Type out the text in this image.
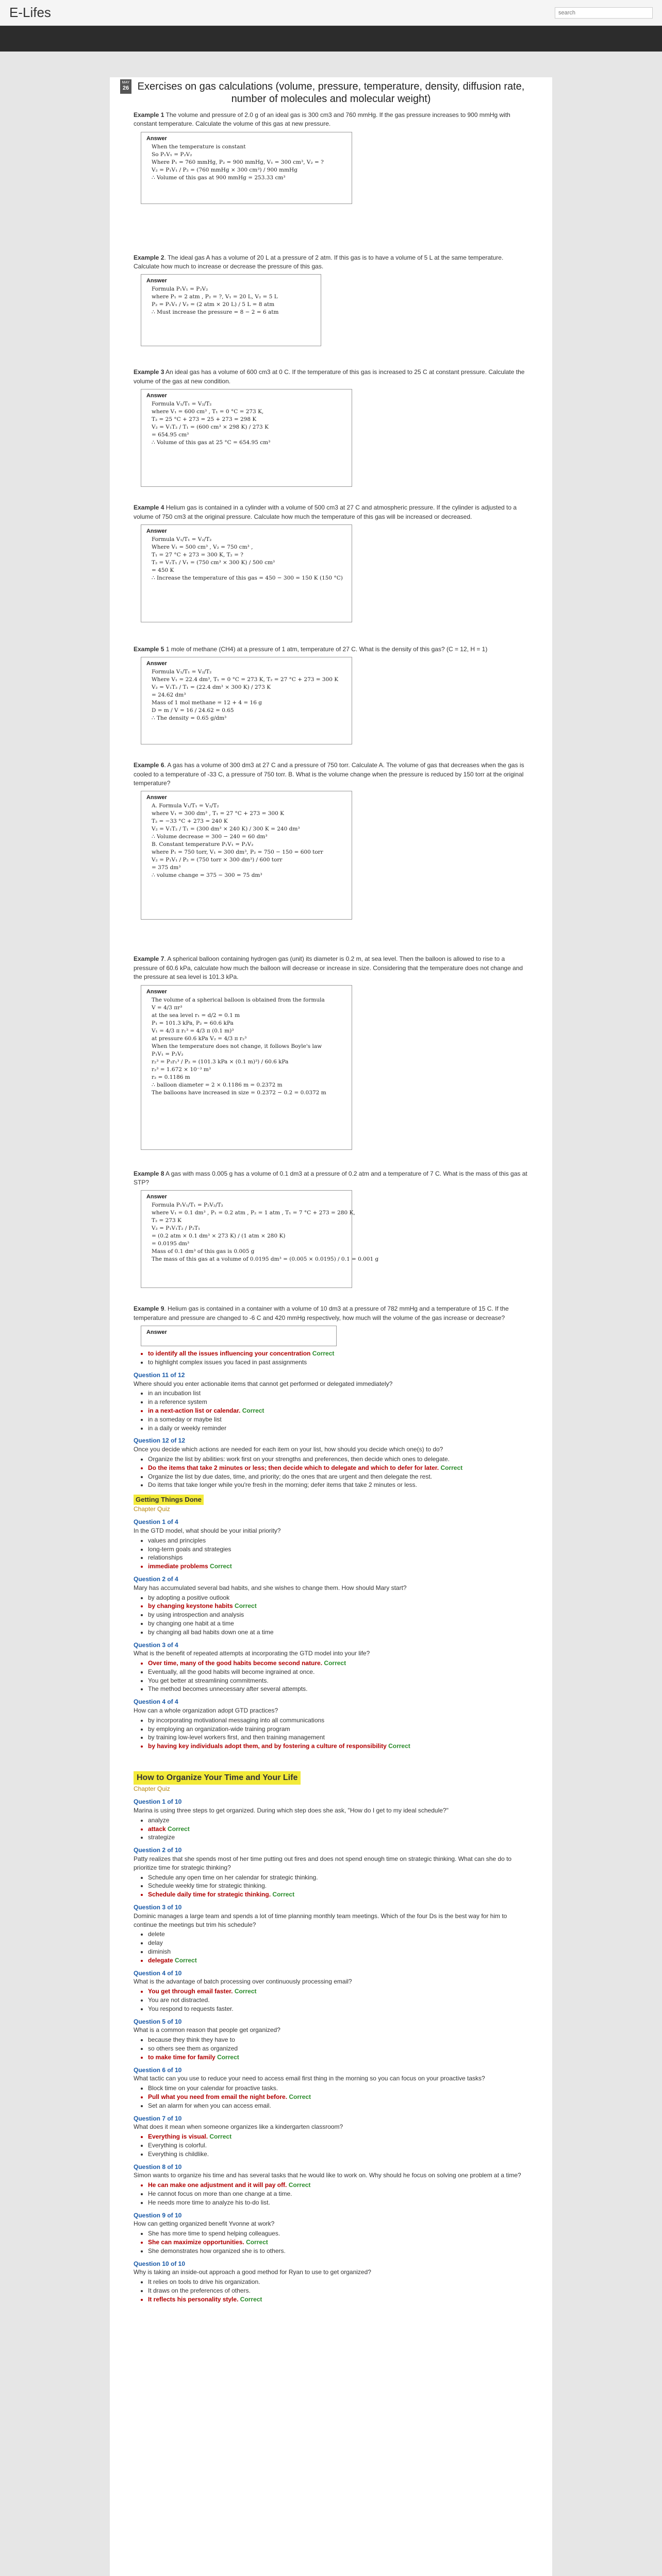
E-Lifes
search
MAY
26 Exercises on gas calculations (volume, pressure, temperature, density, diffusion rate, number of molecules and molecular weight)

Example 1 The volume and pressure of 2.0 g of an ideal gas is 300 cm3 and 760 mmHg. If the gas pressure increases to 900 mmHg with constant temperature. Calculate the volume of this gas at new pressure.

Answer
When the temperature is constant
So P₁V₁ = P₂V₂
Where P₁ = 760 mmHg, P₂ = 900 mmHg, V₁ = 300 cm³, V₂ = ?
V₂ = P₁V₁ / P₂ = (760 mmHg × 300 cm³) / 900 mmHg
∴ Volume of this gas at 900 mmHg = 253.33 cm³

Example 2. The ideal gas A has a volume of 20 L at a pressure of 2 atm. If this gas is to have a volume of 5 L at the same temperature. Calculate how much to increase or decrease the pressure of this gas.

Answer
Formula P₁V₁ = P₂V₂
where P₁ = 2 atm , P₂ = ?, V₁ = 20 L, V₂ = 5 L
P₂ = P₁V₁ / V₂ = (2 atm × 20 L) / 5 L = 8 atm
∴ Must increase the pressure = 8 − 2 = 6 atm

Example 3 An ideal gas has a volume of 600 cm3 at 0 C. If the temperature of this gas is increased to 25 C at constant pressure. Calculate the volume of the gas at new condition.

Answer
Formula V₁/T₁ = V₂/T₂
where V₁ = 600 cm³ , T₁ = 0 °C = 273 K,
T₂ = 25 °C + 273 = 25 + 273 = 298 K
V₂ = V₁T₂ / T₁ = (600 cm³ × 298 K) / 273 K
= 654.95 cm³
∴ Volume of this gas at 25 °C = 654.95 cm³

Example 4 Helium gas is contained in a cylinder with a volume of 500 cm3 at 27 C and atmospheric pressure. If the cylinder is adjusted to a volume of 750 cm3 at the original pressure. Calculate how much the temperature of this gas will be increased or decreased.

Answer
Formula V₁/T₁ = V₂/T₂
Where V₁ = 500 cm³ , V₂ = 750 cm³ ,
T₁ = 27 °C + 273 = 300 K, T₂ = ?
T₂ = V₂T₁ / V₁ = (750 cm³ × 300 K) / 500 cm³
= 450 K
∴ Increase the temperature of this gas = 450 − 300 = 150 K (150 °C)

Example 5 1 mole of methane (CH4) at a pressure of 1 atm, temperature of 27 C. What is the density of this gas? (C = 12, H = 1)

Answer
Formula V₁/T₁ = V₂/T₂
Where V₁ = 22.4 dm³, T₁ = 0 °C = 273 K, T₂ = 27 °C + 273 = 300 K
V₂ = V₁T₂ / T₁ = (22.4 dm³ × 300 K) / 273 K
= 24.62 dm³
Mass of 1 mol methane = 12 + 4 = 16 g
D = m / V = 16 / 24.62 = 0.65
∴ The density = 0.65 g/dm³

Example 6. A gas has a volume of 300 dm3 at 27 C and a pressure of 750 torr. Calculate A. The volume of gas that decreases when the gas is cooled to a temperature of -33 C, a pressure of 750 torr. B. What is the volume change when the pressure is reduced by 150 torr at the original temperature?

Answer
A. Formula V₁/T₁ = V₂/T₂
where V₁ = 300 dm³ , T₁ = 27 °C + 273 = 300 K
T₂ = −33 °C + 273 = 240 K
V₂ = V₁T₂ / T₁ = (300 dm³ × 240 K) / 300 K = 240 dm³
∴ Volume decrease = 300 − 240 = 60 dm³
B. Constant temperature P₁V₁ = P₂V₂
where P₁ = 750 torr, V₁ = 300 dm³, P₂ = 750 − 150 = 600 torr
V₂ = P₁V₁ / P₂ = (750 torr × 300 dm³) / 600 torr
= 375 dm³
∴ volume change = 375 − 300 = 75 dm³

Example 7. A spherical balloon containing hydrogen gas (unit) its diameter is 0.2 m, at sea level. Then the balloon is allowed to rise to a pressure of 60.6 kPa, calculate how much the balloon will decrease or increase in size. Considering that the temperature does not change and the pressure at sea level is 101.3 kPa.

Answer
The volume of a spherical balloon is obtained from the formula
V = 4/3 πr³
at the sea level r₁ = d/2 = 0.1 m
P₁ = 101.3 kPa, P₂ = 60.6 kPa
V₁ = 4/3 π r₁³ = 4/3 π (0.1 m)³
at pressure 60.6 kPa V₂ = 4/3 π r₂³
When the temperature does not change, it follows Boyle's law
P₁V₁ = P₂V₂
r₂³ = P₁r₁³ / P₂ = (101.3 kPa × (0.1 m)³) / 60.6 kPa
r₂³ = 1.672 × 10⁻³ m³
r₂ = 0.1186 m
∴ balloon diameter = 2 × 0.1186 m = 0.2372 m
The balloons have increased in size = 0.2372 − 0.2 = 0.0372 m

Example 8 A gas with mass 0.005 g has a volume of 0.1 dm3 at a pressure of 0.2 atm and a temperature of 7 C. What is the mass of this gas at STP?

Answer
Formula P₁V₁/T₁ = P₂V₂/T₂
where V₁ = 0.1 dm³ , P₁ = 0.2 atm , P₂ = 1 atm , T₁ = 7 °C + 273 = 280 K,
T₂ = 273 K
V₂ = P₁V₁T₂ / P₂T₁
= (0.2 atm × 0.1 dm³ × 273 K) / (1 atm × 280 K)
= 0.0195 dm³
Mass of 0.1 dm³ of this gas is 0.005 g
The mass of this gas at a volume of 0.0195 dm³ = (0.005 × 0.0195) / 0.1 = 0.001 g

Example 9. Helium gas is contained in a container with a volume of 10 dm3 at a pressure of 782 mmHg and a temperature of 15 C. If the temperature and pressure are changed to -6 C and 420 mmHg respectively, how much will the volume of the gas increase or decrease?

Answer
• to identify all the issues influencing your concentration Correct
• to highlight complex issues you faced in past assignments
Question 11 of 12

Where should you enter actionable items that cannot get performed or delegated immediately?

• in an incubation list
• in a reference system
• in a next-action list or calendar. Correct
• in a someday or maybe list
• in a daily or weekly reminder
Question 12 of 12

Once you decide which actions are needed for each item on your list, how should you decide which one(s) to do?

• Organize the list by abilities: work first on your strengths and preferences, then decide which ones to delegate.
• Do the items that take 2 minutes or less; then decide which to delegate and which to defer for later. Correct
• Organize the list by due dates, time, and priority; do the ones that are urgent and then delegate the rest.
• Do items that take longer while you're fresh in the morning; defer items that take 2 minutes or less.
Getting Things Done
Chapter Quiz
Question 1 of 4

In the GTD model, what should be your initial priority?

• values and principles
• long-term goals and strategies
• relationships
• immediate problems Correct
Question 2 of 4

Mary has accumulated several bad habits, and she wishes to change them. How should Mary start?

• by adopting a positive outlook
• by changing keystone habits Correct
• by using introspection and analysis
• by changing one habit at a time
• by changing all bad habits down one at a time
Question 3 of 4

What is the benefit of repeated attempts at incorporating the GTD model into your life?

• Over time, many of the good habits become second nature. Correct
• Eventually, all the good habits will become ingrained at once.
• You get better at streamlining commitments.
• The method becomes unnecessary after several attempts.
Question 4 of 4

How can a whole organization adopt GTD practices?

• by incorporating motivational messaging into all communications
• by employing an organization-wide training program
• by training low-level workers first, and then training management
• by having key individuals adopt them, and by fostering a culture of responsibility Correct
How to Organize Your Time and Your Life
Chapter Quiz
Question 1 of 10

Marina is using three steps to get organized. During which step does she ask, "How do I get to my ideal schedule?"

• analyze
• attack Correct
• strategize
Question 2 of 10

Patty realizes that she spends most of her time putting out fires and does not spend enough time on strategic thinking. What can she do to prioritize time for strategic thinking?

• Schedule any open time on her calendar for strategic thinking.
• Schedule weekly time for strategic thinking.
• Schedule daily time for strategic thinking. Correct
Question 3 of 10

Dominic manages a large team and spends a lot of time planning monthly team meetings. Which of the four Ds is the best way for him to continue the meetings but trim his schedule?

• delete
• delay
• diminish
• delegate Correct
Question 4 of 10

What is the advantage of batch processing over continuously processing email?

• You get through email faster. Correct
• You are not distracted.
• You respond to requests faster.
Question 5 of 10

What is a common reason that people get organized?

• because they think they have to
• so others see them as organized
• to make time for family Correct
Question 6 of 10

What tactic can you use to reduce your need to access email first thing in the morning so you can focus on your proactive tasks?

• Block time on your calendar for proactive tasks.
• Pull what you need from email the night before. Correct
• Set an alarm for when you can access email.
Question 7 of 10

What does it mean when someone organizes like a kindergarten classroom?

• Everything is visual. Correct
• Everything is colorful.
• Everything is childlike.
Question 8 of 10

Simon wants to organize his time and has several tasks that he would like to work on. Why should he focus on solving one problem at a time?

• He can make one adjustment and it will pay off. Correct
• He cannot focus on more than one change at a time.
• He needs more time to analyze his to-do list.
Question 9 of 10

How can getting organized benefit Yvonne at work?

• She has more time to spend helping colleagues.
• She can maximize opportunities. Correct
• She demonstrates how organized she is to others.
Question 10 of 10

Why is taking an inside-out approach a good method for Ryan to use to get organized?

• It relies on tools to drive his organization.
• It draws on the preferences of others.
• It reflects his personality style. Correct
